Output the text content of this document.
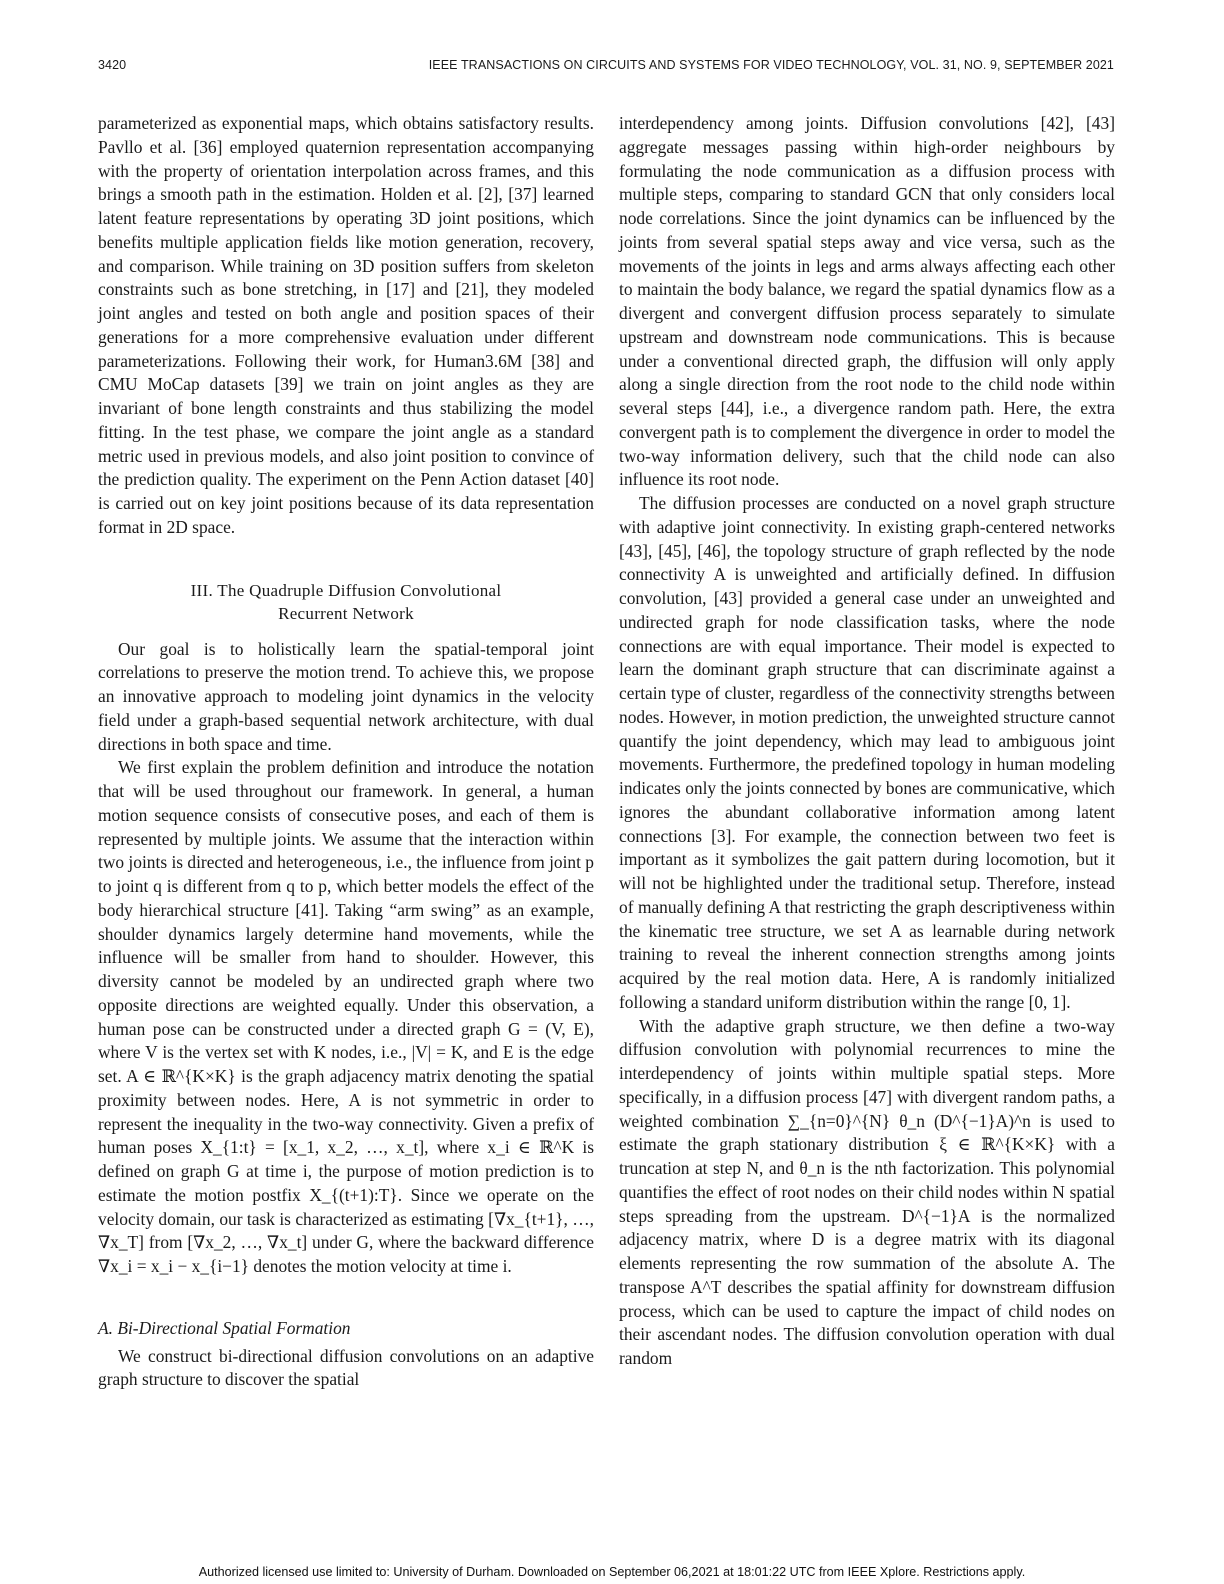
3420	IEEE TRANSACTIONS ON CIRCUITS AND SYSTEMS FOR VIDEO TECHNOLOGY, VOL. 31, NO. 9, SEPTEMBER 2021

parameterized as exponential maps, which obtains satisfactory results. Pavllo et al. [36] employed quaternion representation accompanying with the property of orientation interpolation across frames, and this brings a smooth path in the estimation. Holden et al. [2], [37] learned latent feature representations by operating 3D joint positions, which benefits multiple application fields like motion generation, recovery, and comparison. While training on 3D position suffers from skeleton constraints such as bone stretching, in [17] and [21], they modeled joint angles and tested on both angle and position spaces of their generations for a more comprehensive evaluation under different parameterizations. Following their work, for Human3.6M [38] and CMU MoCap datasets [39] we train on joint angles as they are invariant of bone length constraints and thus stabilizing the model fitting. In the test phase, we compare the joint angle as a standard metric used in previous models, and also joint position to convince of the prediction quality. The experiment on the Penn Action dataset [40] is carried out on key joint positions because of its data representation format in 2D space.

III. The Quadruple Diffusion Convolutional
Recurrent Network

Our goal is to holistically learn the spatial-temporal joint correlations to preserve the motion trend. To achieve this, we propose an innovative approach to modeling joint dynamics in the velocity field under a graph-based sequential network architecture, with dual directions in both space and time.

We first explain the problem definition and introduce the notation that will be used throughout our framework. In general, a human motion sequence consists of consecutive poses, and each of them is represented by multiple joints. We assume that the interaction within two joints is directed and heterogeneous, i.e., the influence from joint p to joint q is different from q to p, which better models the effect of the body hierarchical structure [41]. Taking “arm swing” as an example, shoulder dynamics largely determine hand movements, while the influence will be smaller from hand to shoulder. However, this diversity cannot be modeled by an undirected graph where two opposite directions are weighted equally. Under this observation, a human pose can be constructed under a directed graph G = (V, E), where V is the vertex set with K nodes, i.e., |V| = K, and E is the edge set. A ∈ ℝ^{K×K} is the graph adjacency matrix denoting the spatial proximity between nodes. Here, A is not symmetric in order to represent the inequality in the two-way connectivity. Given a prefix of human poses X_{1:t} = [x_1, x_2, …, x_t], where x_i ∈ ℝ^K is defined on graph G at time i, the purpose of motion prediction is to estimate the motion postfix X_{(t+1):T}. Since we operate on the velocity domain, our task is characterized as estimating [∇x_{t+1}, …, ∇x_T] from [∇x_2, …, ∇x_t] under G, where the backward difference ∇x_i = x_i − x_{i−1} denotes the motion velocity at time i.

A. Bi-Directional Spatial Formation

We construct bi-directional diffusion convolutions on an adaptive graph structure to discover the spatial

interdependency among joints. Diffusion convolutions [42], [43] aggregate messages passing within high-order neighbours by formulating the node communication as a diffusion process with multiple steps, comparing to standard GCN that only considers local node correlations. Since the joint dynamics can be influenced by the joints from several spatial steps away and vice versa, such as the movements of the joints in legs and arms always affecting each other to maintain the body balance, we regard the spatial dynamics flow as a divergent and convergent diffusion process separately to simulate upstream and downstream node communications. This is because under a conventional directed graph, the diffusion will only apply along a single direction from the root node to the child node within several steps [44], i.e., a divergence random path. Here, the extra convergent path is to complement the divergence in order to model the two-way information delivery, such that the child node can also influence its root node.

The diffusion processes are conducted on a novel graph structure with adaptive joint connectivity. In existing graph-centered networks [43], [45], [46], the topology structure of graph reflected by the node connectivity A is unweighted and artificially defined. In diffusion convolution, [43] provided a general case under an unweighted and undirected graph for node classification tasks, where the node connections are with equal importance. Their model is expected to learn the dominant graph structure that can discriminate against a certain type of cluster, regardless of the connectivity strengths between nodes. However, in motion prediction, the unweighted structure cannot quantify the joint dependency, which may lead to ambiguous joint movements. Furthermore, the predefined topology in human modeling indicates only the joints connected by bones are communicative, which ignores the abundant collaborative information among latent connections [3]. For example, the connection between two feet is important as it symbolizes the gait pattern during locomotion, but it will not be highlighted under the traditional setup. Therefore, instead of manually defining A that restricting the graph descriptiveness within the kinematic tree structure, we set A as learnable during network training to reveal the inherent connection strengths among joints acquired by the real motion data. Here, A is randomly initialized following a standard uniform distribution within the range [0, 1].

With the adaptive graph structure, we then define a two-way diffusion convolution with polynomial recurrences to mine the interdependency of joints within multiple spatial steps. More specifically, in a diffusion process [47] with divergent random paths, a weighted combination ∑_{n=0}^{N} θ_n (D^{−1}A)^n is used to estimate the graph stationary distribution ξ ∈ ℝ^{K×K} with a truncation at step N, and θ_n is the nth factorization. This polynomial quantifies the effect of root nodes on their child nodes within N spatial steps spreading from the upstream. D^{−1}A is the normalized adjacency matrix, where D is a degree matrix with its diagonal elements representing the row summation of the absolute A. The transpose A^T describes the spatial affinity for downstream diffusion process, which can be used to capture the impact of child nodes on their ascendant nodes. The diffusion convolution operation with dual random

Authorized licensed use limited to: University of Durham. Downloaded on September 06,2021 at 18:01:22 UTC from IEEE Xplore. Restrictions apply.
